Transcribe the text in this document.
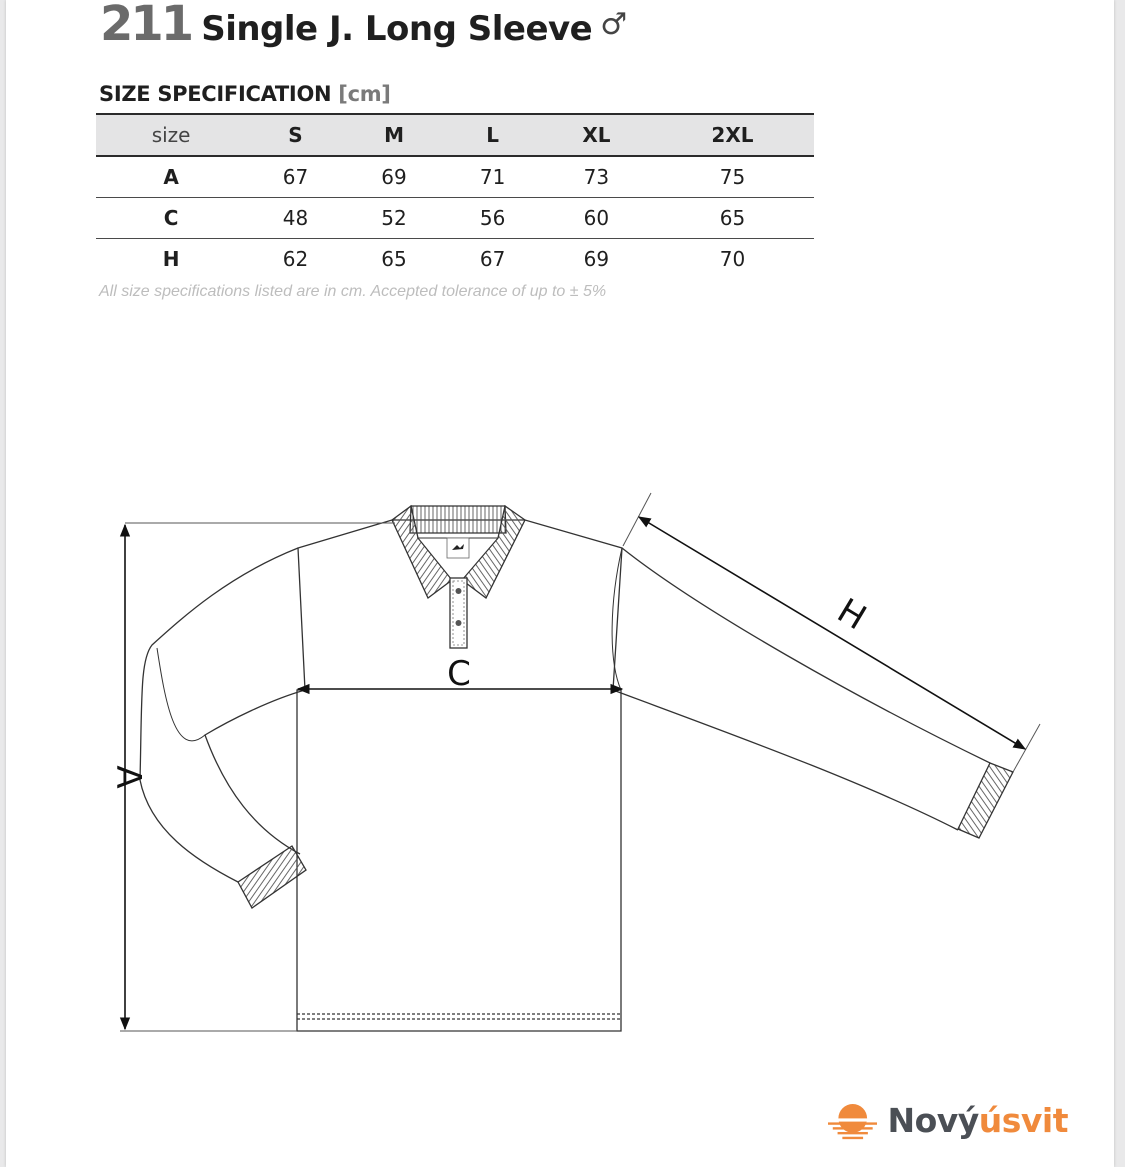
211 Single J. Long Sleeve ♂
SIZE SPECIFICATION [cm]
size	S	M	L	XL	2XL
A	67	69	71	73	75
C	48	52	56	60	65
H	62	65	67	69	70
All size specifications listed are in cm. Accepted tolerance of up to ± 5%
A
C
H
Novýúsvit
